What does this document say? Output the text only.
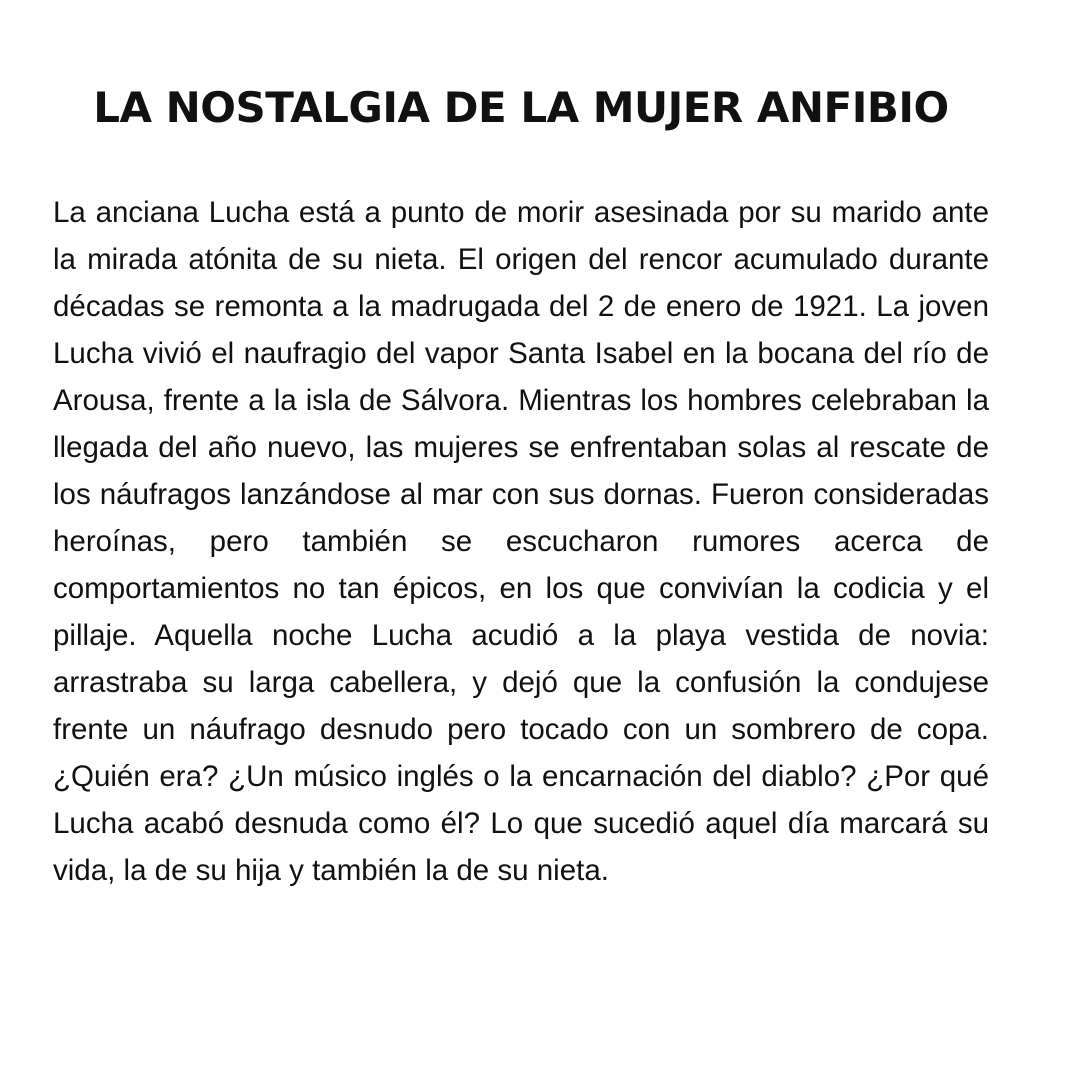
LA NOSTALGIA DE LA MUJER ANFIBIO

La anciana Lucha está a punto de morir asesinada por su marido ante la mirada atónita de su nieta. El origen del rencor acumulado durante décadas se remonta a la madrugada del 2 de enero de 1921. La joven Lucha vivió el naufragio del vapor Santa Isabel en la bocana del río de Arousa, frente a la isla de Sálvora. Mientras los hombres celebraban la llegada del año nuevo, las mujeres se enfrentaban solas al rescate de los náufragos lanzándose al mar con sus dornas. Fueron consideradas heroínas, pero también se escucharon rumores acerca de comportamientos no tan épicos, en los que convivían la codicia y el pillaje. Aquella noche Lucha acudió a la playa vestida de novia: arrastraba su larga cabellera, y dejó que la confusión la condujese frente un náufrago desnudo pero tocado con un sombrero de copa. ¿Quién era? ¿Un músico inglés o la encarnación del diablo? ¿Por qué Lucha acabó desnuda como él? Lo que sucedió aquel día marcará su vida, la de su hija y también la de su nieta.
